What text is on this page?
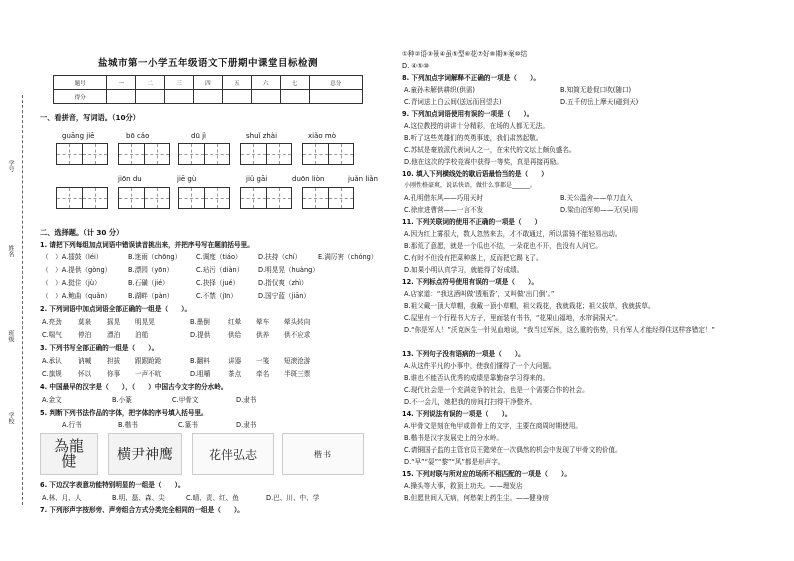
学号
姓名
班级
学校
盐城市第一小学五年级语文下册期中课堂目标检测
题号	一	二	三	四	五	六	七	总分
得分								
一、看拼音，写词语。（10分）
guāng jiē	bō cǎo	dū jì	shuǐ zhài	xiǎo mò
jiōn du	jiē gù	jiǔ gāi	duōn liòn	juǎn liǎn
二、选择题。（计 30 分）
1. 请把下列每组加点词语中错误读音挑出来，并把序号写在题前括号里。
（　）A.擂鼓（léi）	B.迷雨（chōng） C.调度（tiáo） D.扶持（chí）	E.满厉害（chóng）
（　）A.提供（gòng）	B.漂园（yōn）	C.玷污（diàn） D.明晃晃（huàng）
（　）A.挺住（jù）	B.石磺（jié）	C.抉择（jué）	D.指仅爽（zhì）
（　）A.鲍曲（quǎn）	B.湖畔（pàn）	C.不禁（jīn）	D.国宁蓝（jiān）
2. 下列词语中加点词语全部正确的一组是（　　）。
A.亮劲 莫泉 摇晃 明晃晃	B.墨倒	红晕 晕车 晕头转向
C.喘气 停泊 漂泊 泊船	D.提供	供给 供养 供不应求
3. 下列书写全部正确的一组是（　　）。
A.承认 讷喊 担拔 跟跟跄跄	B.翻料	讲器 一笺 短滚沧游
C.旗规 怀以 你事 一声不吭	D.咀嚼	茶点 牵名 半斑三票
4. 中国最早的汉字是（　　），（　　）中国古今文字的分水岭。
A.金文	B.小篆	C.甲骨文	D.隶书
5. 判断下列书法作品的字体，把字体的序号填入括号里。
A.行书	B.楷书	C.篆书	D.隶书
為龍健	横尹神鹰	花伴弘志	楷书
6. 下边汉字表意功能特别明显的一组是（　　）。
A.林、月、人	B.明、磊、森、尖	C.晴、责、红、鱼	D.巴、川、中、学
7. 下列形声字按形旁、声旁组合方式分类完全相同的一组是（　　）。
①种②语③景④虽⑤型⑥花⑦好⑧期⑨案⑩结
D. ④⑤⑩
8. 下列加点字词解释不正确的一项是（　　）。
A.童孙未解供耕织(供需)	B.知简无趁促口吹(随口)
C.青词送上白云间(送远而回望去)	D.五千仞岳上摩天(磁到天)
9. 下列加点词语使用有误的一项是（　　）。
A.这位教授的讲讲十分精彩，在场的人都无无法。
B.听了这些英雄们的英勇事迹，我们肃然起敬。
C.苏轼是豪放派代表词人之一，在宋代的文坛上颇负盛名。
D.他在这次的学校竞赛中获得一等奖，真是再接再励。
10. 填入下列横线处的歇后语最恰当的是（　　）
小刚性格豪爽，说话快语，做什么事都是______。
A.孔明借东风——巧用天时	B.关公温舍——单刀直入
C.徐庶进曹营——一言不发	D.梁由泊军帅——无(吴)用
11. 下列关联词的使用不正确的一项是（　　）
A.因为红上雾很大，数人忽然来去，才不敢通过，所以雷骑不能轻易出动。
B.那荒了意愿，就是一个瓜也不结，一朵花也不开，也没有人问它。
C.有时不但没有把菜种落上，反而把它踢飞了。
D.如果小明认真学习，就能得了好成绩。
12. 下列标点符号使用有误的一项是（　　）。
A.店家道：“我这酒叫做‘透瓶香’，又叫做‘出门倒’。”
B.祖父戴一顶大草帽，我戴一顶小草帽，祖父栽花，我就栽花；祖父拔草，我就拔草。
C.屋里有一个行程书大方子，里面装有书书，“花果山福地，水帘洞洞天”。
D.“你是军人！”沃克医生一针见血地说，“我当过军医，这么重的伤势，只有军人才能经得住这样容错定！”
13. 下列句子没有语病的一项是（　　）。
A.从这件平凡的小事中，使我们懂得了一个大问题。
B.谁也不能否认优秀的成绩是靠勤奋学习得来的。
C.现代社会是一个充满竞争的社会，也是一个需要合作的社会。
D.不一会儿，她把我的房间打扫得干净整齐。
14. 下列说法有误的一项是（　　）。
A.甲骨文是刻在龟甲或兽骨上的文字，主要在商周时期使用。
B.楷书是汉字发展史上的分水岭。
C.请铜国子监的主管官员王懿荣在一次偶然的机会中发现了甲骨文的价值。
D.“早”“晏”“黎”“风”都是形声字。
15. 下列对联与所对应的场所不相匹配的一项是（　　）。
A.操头等大事，救顶上功夫。——理发店
B.但愿世间人无病，何愁架上药生尘。——健身房
